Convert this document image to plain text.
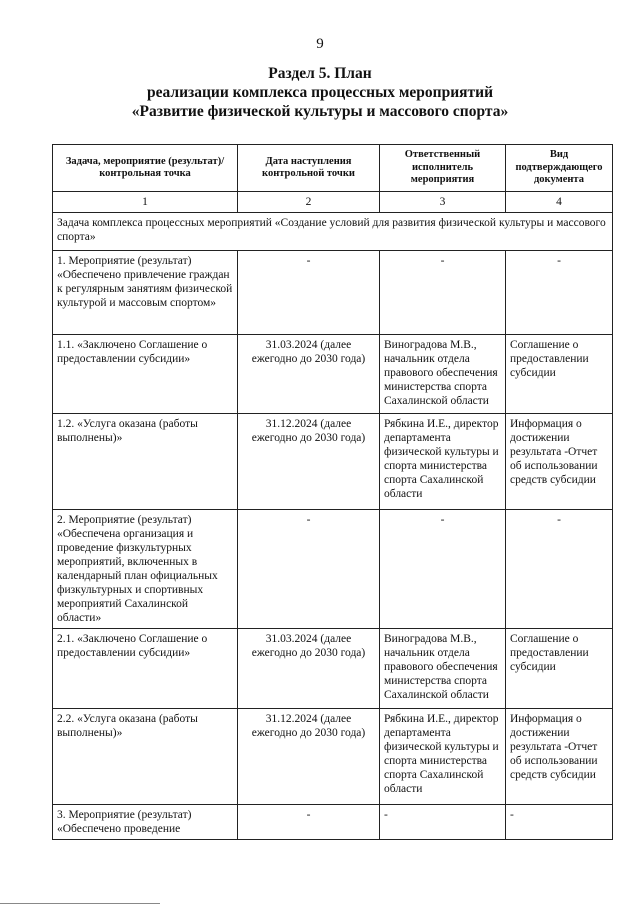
9
Раздел 5. План
реализации комплекса процессных мероприятий
«Развитие физической культуры и массового спорта»
Задача, мероприятие (результат)/контрольная точка	Дата наступления контрольной точки	Ответственный исполнитель мероприятия	Вид подтверждающего документа
1	2	3	4
Задача комплекса процессных мероприятий «Создание условий для развития физической культуры и массового спорта»			
1. Мероприятие (результат) «Обеспечено привлечение граждан к регулярным занятиям физической культурой и массовым спортом»	-	-	-
1.1. «Заключено Соглашение о предоставлении субсидии»	31.03.2024 (далее ежегодно до 2030 года)	Виноградова М.В., начальник отдела правового обеспечения министерства спорта Сахалинской области	Соглашение о предоставлении субсидии
1.2. «Услуга оказана (работы выполнены)»	31.12.2024 (далее ежегодно до 2030 года)	Рябкина И.Е., директор департамента физической культуры и спорта министерства спорта Сахалинской области	Информация о достижении результата -Отчет об использовании средств субсидии
2. Мероприятие (результат) «Обеспечена организация и проведение физкультурных мероприятий, включенных в календарный план официальных физкультурных и спортивных мероприятий Сахалинской области»	-	-	-
2.1. «Заключено Соглашение о предоставлении субсидии»	31.03.2024 (далее ежегодно до 2030 года)	Виноградова М.В., начальник отдела правового обеспечения министерства спорта Сахалинской области	Соглашение о предоставлении субсидии
2.2. «Услуга оказана (работы выполнены)»	31.12.2024 (далее ежегодно до 2030 года)	Рябкина И.Е., директор департамента физической культуры и спорта министерства спорта Сахалинской области	Информация о достижении результата -Отчет об использовании средств субсидии
3. Мероприятие (результат) «Обеспечено проведение	-	-	-
